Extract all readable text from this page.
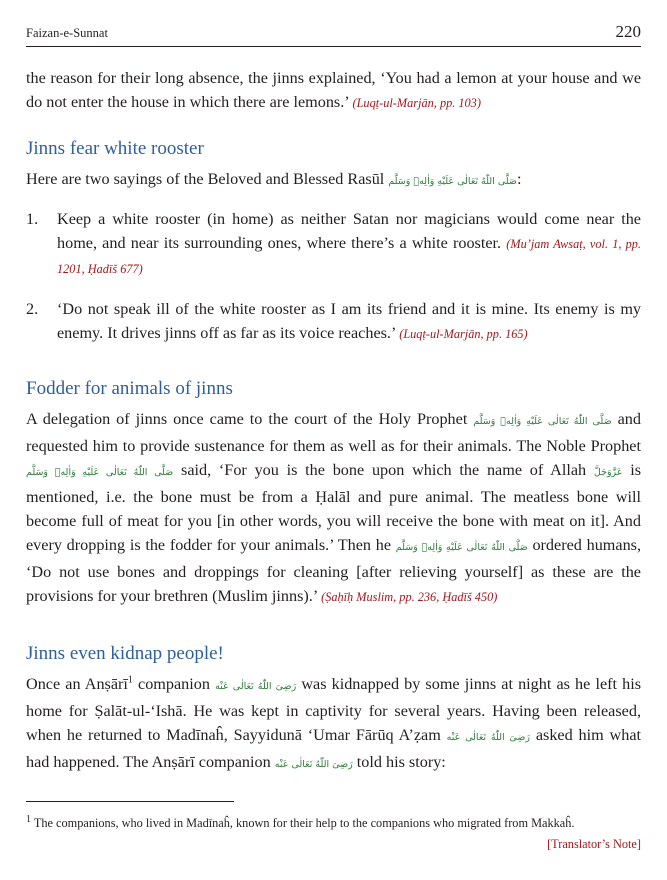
Faizan-e-Sunnat	220

the reason for their long absence, the jinns explained, ‘You had a lemon at your house and we do not enter the house in which there are lemons.’ (Luqṭ-ul-Marjān, pp. 103)

Jinns fear white rooster

Here are two sayings of the Beloved and Blessed Rasūl صَلَّى اللّٰهُ تَعَالٰى عَلَيْهِ وَاٰلِهٖ وَسَلَّم:

1. Keep a white rooster (in home) as neither Satan nor magicians would come near the home, and near its surrounding ones, where there’s a white rooster. (Mu’jam Awsaṭ, vol. 1, pp. 1201, Ḥadīš 677)

2. ‘Do not speak ill of the white rooster as I am its friend and it is mine. Its enemy is my enemy. It drives jinns off as far as its voice reaches.’ (Luqṭ-ul-Marjān, pp. 165)

Fodder for animals of jinns

A delegation of jinns once came to the court of the Holy Prophet صَلَّى اللّٰهُ تَعَالٰى عَلَيْهِ وَاٰلِهٖ وَسَلَّم and requested him to provide sustenance for them as well as for their animals. The Noble Prophet صَلَّى اللّٰهُ تَعَالٰى عَلَيْهِ وَاٰلِهٖ وَسَلَّم said, ‘For you is the bone upon which the name of Allah عَزَّوَجَلَّ is mentioned, i.e. the bone must be from a Ḥalāl and pure animal. The meatless bone will become full of meat for you [in other words, you will receive the bone with meat on it]. And every dropping is the fodder for your animals.’ Then he صَلَّى اللّٰهُ تَعَالٰى عَلَيْهِ وَاٰلِهٖ وَسَلَّم ordered humans, ‘Do not use bones and droppings for cleaning [after relieving yourself] as these are the provisions for your brethren (Muslim jinns).’ (Ṣaḥīḥ Muslim, pp. 236, Ḥadīš 450)

Jinns even kidnap people!

Once an Anṣārī$^1$ companion رَضِىَ اللّٰهُ تَعَالٰى عَنْه was kidnapped by some jinns at night as he left his home for Ṣalāt-ul-‘Ishā. He was kept in captivity for several years. Having been released, when he returned to Madīnaĥ, Sayyidunā ‘Umar Fārūq A’ẓam رَضِىَ اللّٰهُ تَعَالٰى عَنْه asked him what had happened. The Anṣārī companion رَضِىَ اللّٰهُ تَعَالٰى عَنْه told his story:

$^1$ The companions, who lived in Madīnaĥ, known for their help to the companions who migrated from Makkaĥ.
[Translator’s Note]
